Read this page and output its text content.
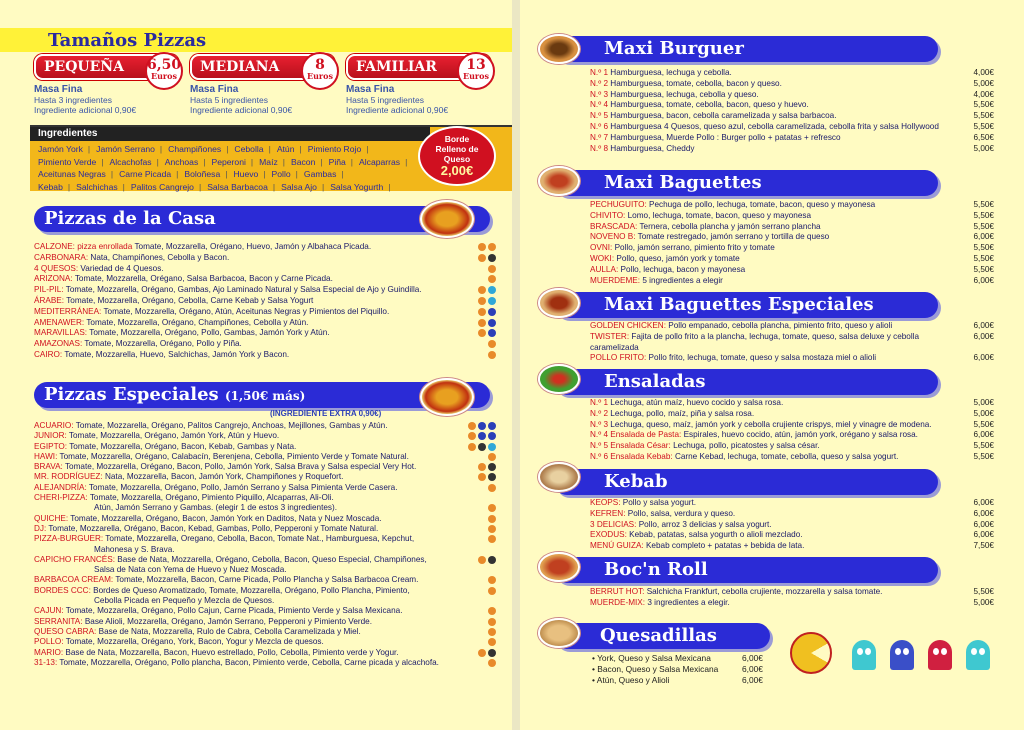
Tamaños Pizzas
PEQUEÑA 6,50
Euros
Masa Fina
Hasta 3 ingredientes
Ingrediente adicional 0,90€
MEDIANA	8
Euros
Masa Fina
Hasta 5 ingredientes
Ingrediente adicional 0,90€
FAMILIAR	13
Euros
Masa Fina
Hasta 5 ingredientes
Ingrediente adicional 0,90€
Ingredientes
Jamón York | Jamón Serrano | Champiñones | Cebolla | Atún | Pimiento Rojo |
Pimiento Verde | Alcachofas | Anchoas | Peperoni | Maíz | Bacon | Piña | Alcaparras |
Aceitunas Negras | Carne Picada | Boloñesa | Huevo | Pollo | Gambas |
Kebab | Salchichas | Palitos Cangrejo | Salsa Barbacoa | Salsa Ajo | Salsa Yogurth |
Borde
Relleno de
Queso
2,00€
Pizzas de la Casa
CALZONE: pizza enrollada Tomate, Mozzarella, Orégano, Huevo, Jamón y Albahaca Picada.
CARBONARA: Nata, Champiñones, Cebolla y Bacon.
4 QUESOS: Variedad de 4 Quesos.
ARIZONA: Tomate, Mozzarella, Orégano, Salsa Barbacoa, Bacon y Carne Picada.
PIL-PIL: Tomate, Mozzarella, Orégano, Gambas, Ajo Laminado Natural y Salsa Especial de Ajo y Guindilla.
ÁRABE: Tomate, Mozzarella, Orégano, Cebolla, Carne Kebab y Salsa Yogurt
MEDITERRÁNEA: Tomate, Mozzarella, Orégano, Atún, Aceitunas Negras y Pimientos del Piquillo.
AMENAWER: Tomate, Mozzarella, Orégano, Champiñones, Cebolla y Atún.
MARAVILLAS: Tomate, Mozzarella, Orégano, Pollo, Gambas, Jamón York y Atún.
AMAZONAS: Tomate, Mozzarella, Orégano, Pollo y Piña.
CAIRO: Tomate, Mozzarella, Huevo, Salchichas, Jamón York y Bacon.
Pizzas Especiales (1,50€ más)
(INGREDIENTE EXTRA 0,90€)
ACUARIO: Tomate, Mozzarella, Orégano, Palitos Cangrejo, Anchoas, Mejillones, Gambas y Atún.
JUNIOR: Tomate, Mozzarella, Orégano, Jamón York, Atún y Huevo.
EGIPTO: Tomate, Mozzarella, Orégano, Bacon, Kebab, Gambas y Nata.
HAWI: Tomate, Mozzarella, Orégano, Calabacín, Berenjena, Cebolla, Pimiento Verde y Tomate Natural.
BRAVA: Tomate, Mozzarella, Orégano, Bacon, Pollo, Jamón York, Salsa Brava y Salsa especial Very Hot.
MR. RODRÍGUEZ: Nata, Mozzarella, Bacon, Jamón York, Champiñones y Roquefort.
ALEJANDRÍA: Tomate, Mozzarella, Orégano, Pollo, Jamón Serrano y Salsa Pimienta Verde Casera.
CHERI-PIZZA: Tomate, Mozzarella, Orégano, Pimiento Piquillo, Alcaparras, Ali-Oli.
Atún, Jamón Serrano y Gambas. (elegir 1 de estos 3 ingredientes).
QUICHE: Tomate, Mozzarella, Orégano, Bacon, Jamón York en Daditos, Nata y Nuez Moscada.
DJ: Tomate, Mozzarella, Orégano, Bacon, Kebad, Gambas, Pollo, Pepperoni y Tomate Natural.
PIZZA-BURGUER: Tomate, Mozzarella, Oregano, Cebolla, Bacon, Tomate Nat., Hamburguesa, Kepchut,
Mahonesa y S. Brava.
CAPICHO FRANCÉS: Base de Nata, Mozzarella, Orégano, Cebolla, Bacon, Queso Especial, Champiñones,
Salsa de Nata con Yema de Huevo y Nuez Moscada.
BARBACOA CREAM: Tomate, Mozzarella, Bacon, Carne Picada, Pollo Plancha y Salsa Barbacoa Cream.
BORDES CCC: Bordes de Queso Aromatizado, Tomate, Mozzarella, Orégano, Pollo Plancha, Pimiento,
Cebolla Picada en Pequeño y Mezcla de Quesos.
CAJUN: Tomate, Mozzarella, Orégano, Pollo Cajun, Carne Picada, Pimiento Verde y Salsa Mexicana.
SERRANITA: Base Alioli, Mozzarella, Orégano, Jamón Serrano, Pepperoni y Pimiento Verde.
QUESO CABRA: Base de Nata, Mozzarella, Rulo de Cabra, Cebolla Caramelizada y Miel.
POLLO: Tomate, Mozzarella, Orégano, York, Bacon, Yogur y Mezcla de quesos.
MARIO: Base de Nata, Mozzarella, Bacon, Huevo estrellado, Pollo, Cebolla, Pimiento verde y Yogur.
31-13: Tomate, Mozzarella, Orégano, Pollo plancha, Bacon, Pimiento verde, Cebolla, Carne picada y alcachofa.
Maxi Burguer
N.º 1 Hamburguesa, lechuga y cebolla.	4,00€
N.º 2 Hamburguesa, tomate, cebolla, bacon y queso.	5,00€
N.º 3 Hamburguesa, lechuga, cebolla y queso.	4,00€
N.º 4 Hamburguesa, tomate, cebolla, bacon, queso y huevo.	5,50€
N.º 5 Hamburguesa, bacon, cebolla caramelizada y salsa barbacoa.	5,50€
N.º 6 Hamburguesa 4 Quesos, queso azul, cebolla caramelizada, cebolla frita y salsa Hollywood	5,50€
N.º 7 Hamburguesa, Muerde Pollo : Burger pollo + patatas + refresco	6,50€
N.º 8 Hamburguesa, Cheddy	5,00€
Maxi Baguettes
PECHUGUITO: Pechuga de pollo, lechuga, tomate, bacon, queso y mayonesa	5,50€
CHIVITO: Lomo, lechuga, tomate, bacon, queso y mayonesa	5,50€
BRASCADA: Ternera, cebolla plancha y jamón serrano plancha	5,50€
NOVENO B: Tomate restregado, jamón serrano y tortilla de queso	6,00€
OVNI: Pollo, jamón serrano, pimiento frito y tomate	5,50€
WOKI: Pollo, queso, jamón york y tomate	5,50€
AULLA: Pollo, lechuga, bacon y mayonesa	5,50€
MUERDEME: 5 ingredientes a elegir	6,00€
Maxi Baguettes Especiales
GOLDEN CHICKEN: Pollo empanado, cebolla plancha, pimiento frito, queso y alioli	6,00€
TWISTER: Fajita de pollo frito a la plancha, lechuga, tomate, queso, salsa deluxe y cebolla caramelizada
6,00€
POLLO FRITO: Pollo frito, lechuga, tomate, queso y salsa mostaza miel o alioli	6,00€
Ensaladas
N.º 1 Lechuga, atún maíz, huevo cocido y salsa rosa.	5,00€
N.º 2 Lechuga, pollo, maíz, piña y salsa rosa.	5,00€
N.º 3 Lechuga, queso, maíz, jamón york y cebolla crujiente crispys, miel y vinagre de modena.	5,50€
N.º 4 Ensalada de Pasta: Espirales, huevo cocido, atún, jamón york, orégano y salsa rosa.	6,00€
N.º 5 Ensalada César: Lechuga, pollo, picatostes y salsa césar.	5,50€
N.º 6 Ensalada Kebab: Carne Kebad, lechuga, tomate, cebolla, queso y salsa yogurt.	5,50€
Kebab
KEOPS: Pollo y salsa yogurt.	6,00€
KEFREN: Pollo, salsa, verdura y queso.	6,00€
3 DELICIAS: Pollo, arroz 3 delicias y salsa yogurt.	6,00€
EXODUS: Kebab, patatas, salsa yogurth o alioli mezclado.	6,00€
MENÚ GUIZA: Kebab completo + patatas + bebida de lata.	7,50€
Boc'n Roll
BERRUT HOT: Salchicha Frankfurt, cebolla crujiente, mozzarella y salsa tomate.	5,50€
MUERDE-MIX: 3 ingredientes a elegir.	5,00€
Quesadillas
• York, Queso y Salsa Mexicana	6,00€
• Bacon, Queso y Salsa Mexicana	6,00€
• Atún, Queso y Alioli	6,00€
